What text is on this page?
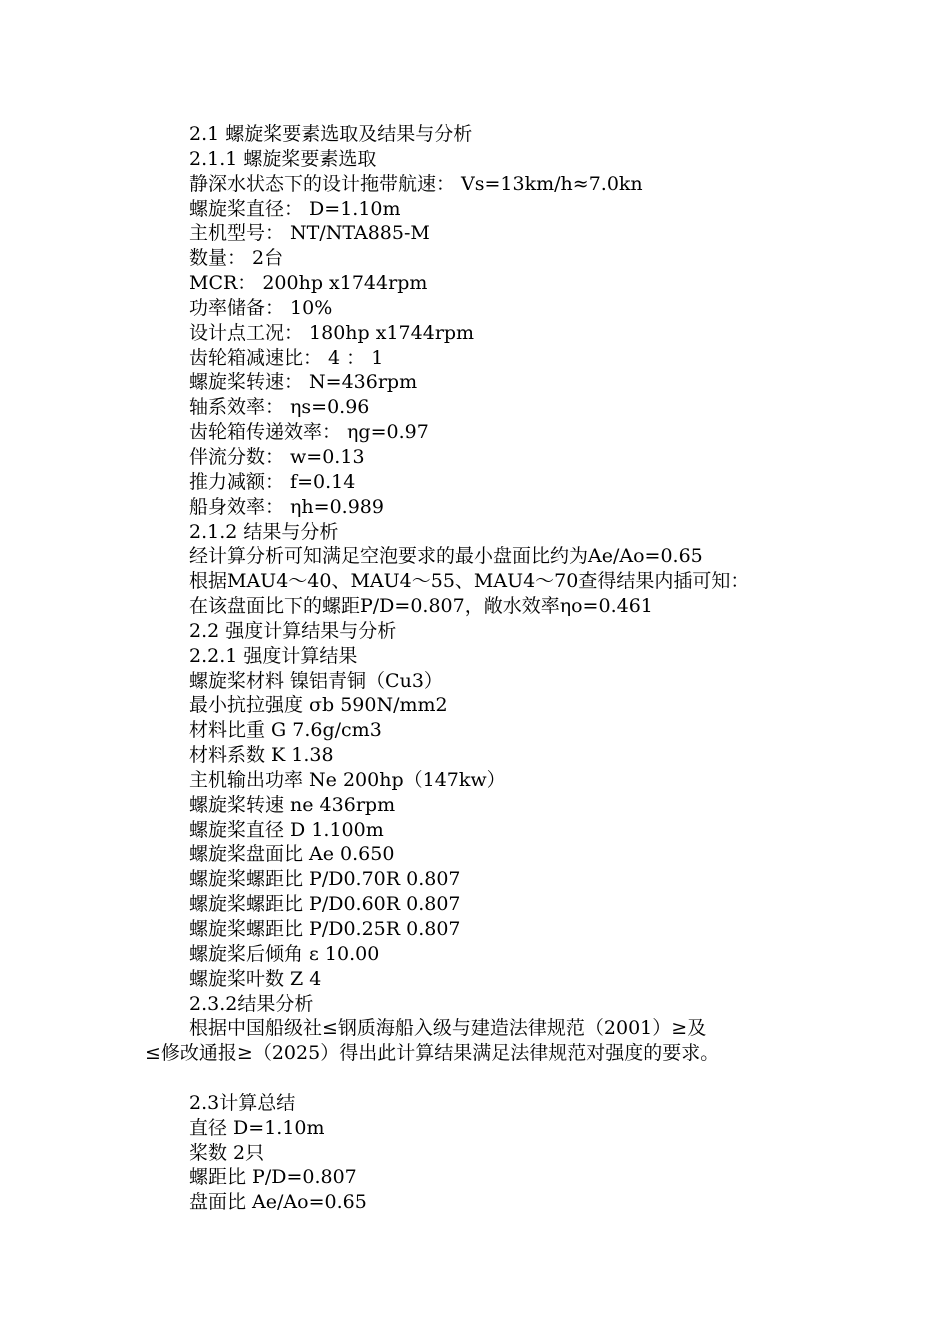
2.1 螺旋桨要素选取及结果与分析

2.1.1 螺旋桨要素选取

静深水状态下的设计拖带航速： Vs=13km/h≈7.0kn

螺旋桨直径： D=1.10m

主机型号： NT/NTA885-M

数量： 2台

MCR： 200hp x1744rpm

功率储备： 10%

设计点工况： 180hp x1744rpm

齿轮箱减速比： 4 ： 1

螺旋桨转速： N=436rpm

轴系效率： ηs=0.96

齿轮箱传递效率： ηg=0.97

伴流分数： w=0.13

推力减额： f=0.14

船身效率： ηh=0.989

2.1.2 结果与分析

经计算分析可知满足空泡要求的最小盘面比约为Ae/Ao=0.65

根据MAU4～40、MAU4～55、MAU4～70查得结果内插可知：

在该盘面比下的螺距P/D=0.807，敞水效率ηo=0.461

2.2 强度计算结果与分析

2.2.1 强度计算结果

螺旋桨材料 镍铝青铜（Cu3）

最小抗拉强度 σb 590N/mm2

材料比重 G 7.6g/cm3

材料系数 K 1.38

主机输出功率 Ne 200hp（147kw）

螺旋桨转速 ne 436rpm

螺旋桨直径 D 1.100m

螺旋桨盘面比 Ae 0.650

螺旋桨螺距比 P/D0.70R 0.807

螺旋桨螺距比 P/D0.60R 0.807

螺旋桨螺距比 P/D0.25R 0.807

螺旋桨后倾角 ε 10.00

螺旋桨叶数 Z 4

2.3.2结果分析

根据中国船级社≤钢质海船入级与建造法律规范（2001）≥及

≤修改通报≥（2025）得出此计算结果满足法律规范对强度的要求。

2.3计算总结

直径 D=1.10m

桨数 2只

螺距比 P/D=0.807

盘面比 Ae/Ao=0.65
